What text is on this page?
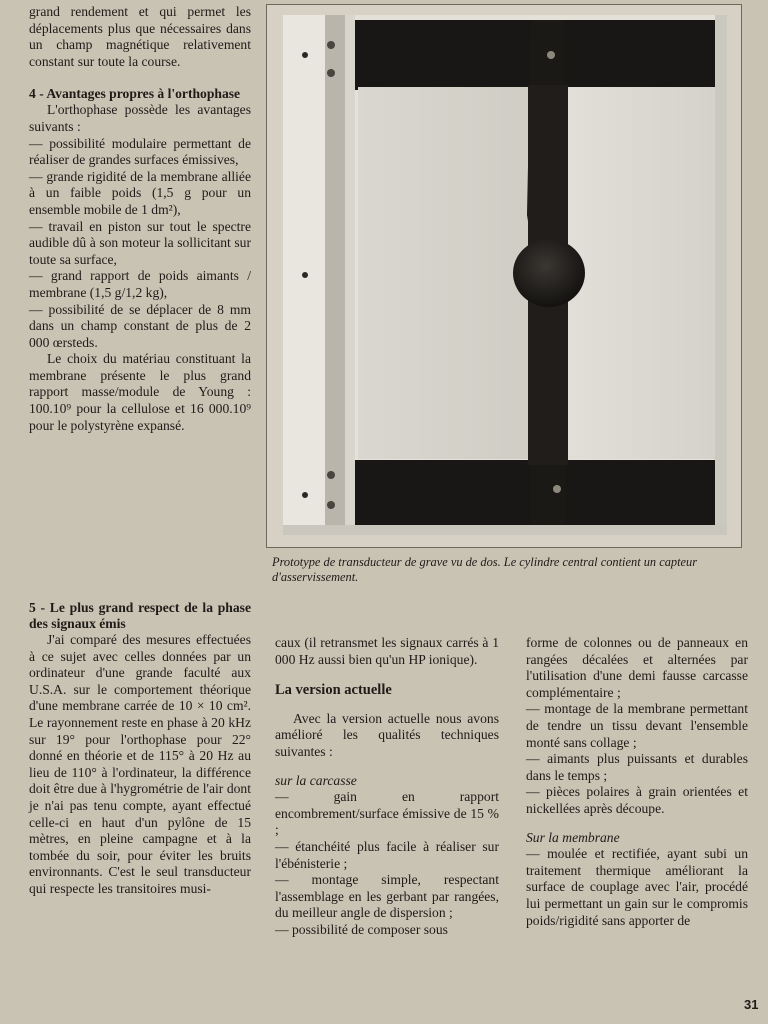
grand rendement et qui permet les déplacements plus que nécessaires dans un champ magnétique relativement constant sur toute la course.

4 - Avantages propres à l'orthophase

L'orthophase possède les avantages suivants :

— possibilité modulaire permettant de réaliser de grandes surfaces émissives,

— grande rigidité de la membrane alliée à un faible poids (1,5 g pour un ensemble mobile de 1 dm²),

— travail en piston sur tout le spectre audible dû à son moteur la sollicitant sur toute sa surface,

— grand rapport de poids aimants / membrane (1,5 g/1,2 kg),

— possibilité de se déplacer de 8 mm dans un champ constant de plus de 2 000 œrsteds.

Le choix du matériau constituant la membrane présente le plus grand rapport masse/module de Young : 100.10⁹ pour la cellulose et 16 000.10⁹ pour le polystyrène expansé.

5 - Le plus grand respect de la phase des signaux émis

J'ai comparé des mesures effectuées à ce sujet avec celles données par un ordinateur d'une grande faculté aux U.S.A. sur le comportement théorique d'une membrane carrée de 10 × 10 cm². Le rayonnement reste en phase à 20 kHz sur 19° pour l'orthophase pour 22° donné en théorie et de 115° à 20 Hz au lieu de 110° à l'ordinateur, la différence doit être due à l'hygrométrie de l'air dont je n'ai pas tenu compte, ayant effectué celle-ci en haut d'un pylône de 15 mètres, en pleine campagne et à la tombée du soir, pour éviter les bruits environnants. C'est le seul transducteur qui respecte les transitoires musi-

Prototype de transducteur de grave vu de dos. Le cylindre central contient un capteur d'asservissement.

caux (il retransmet les signaux carrés à 1 000 Hz aussi bien qu'un HP ionique).

La version actuelle

Avec la version actuelle nous avons amélioré les qualités techniques suivantes :

sur la carcasse

— gain en rapport encombrement/surface émissive de 15 % ;

— étanchéité plus facile à réaliser sur l'ébénisterie ;

— montage simple, respectant l'assemblage en les gerbant par rangées, du meilleur angle de dispersion ;

— possibilité de composer sous

forme de colonnes ou de panneaux en rangées décalées et alternées par l'utilisation d'une demi fausse carcasse complémentaire ;

— montage de la membrane permettant de tendre un tissu devant l'ensemble monté sans collage ;

— aimants plus puissants et durables dans le temps ;

— pièces polaires à grain orientées et nickellées après découpe.

Sur la membrane

— moulée et rectifiée, ayant subi un traitement thermique améliorant la surface de couplage avec l'air, procédé lui permettant un gain sur le compromis poids/rigidité sans apporter de

31
